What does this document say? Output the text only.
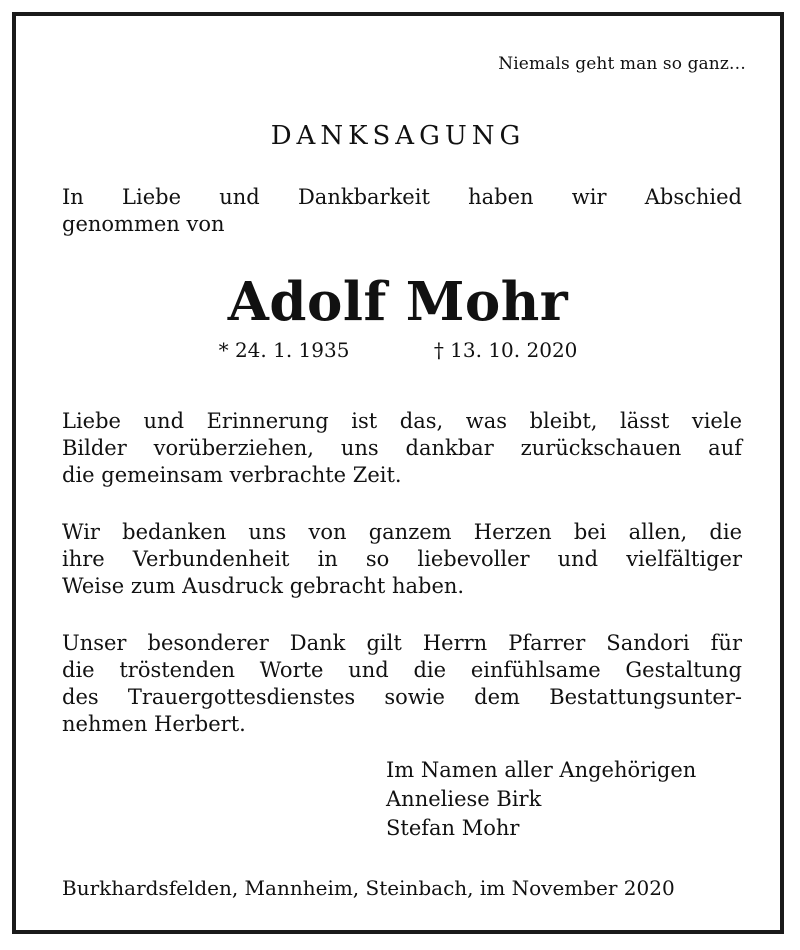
Niemals geht man so ganz…
DANKSAGUNG
In Liebe und Dankbarkeit haben wir Abschied
genommen von
Adolf Mohr
* 24. 1. 1935	† 13. 10. 2020
Liebe und Erinnerung ist das, was bleibt, lässt viele
Bilder vorüberziehen, uns dankbar zurückschauen auf
die gemeinsam verbrachte Zeit.
Wir bedanken uns von ganzem Herzen bei allen, die
ihre Verbundenheit in so liebevoller und vielfältiger
Weise zum Ausdruck gebracht haben.
Unser besonderer Dank gilt Herrn Pfarrer Sandori für
die tröstenden Worte und die einfühlsame Gestaltung
des Trauergottesdienstes sowie dem Bestattungsunter-
nehmen Herbert.
Im Namen aller Angehörigen
Anneliese Birk
Stefan Mohr
Burkhardsfelden, Mannheim, Steinbach, im November 2020
